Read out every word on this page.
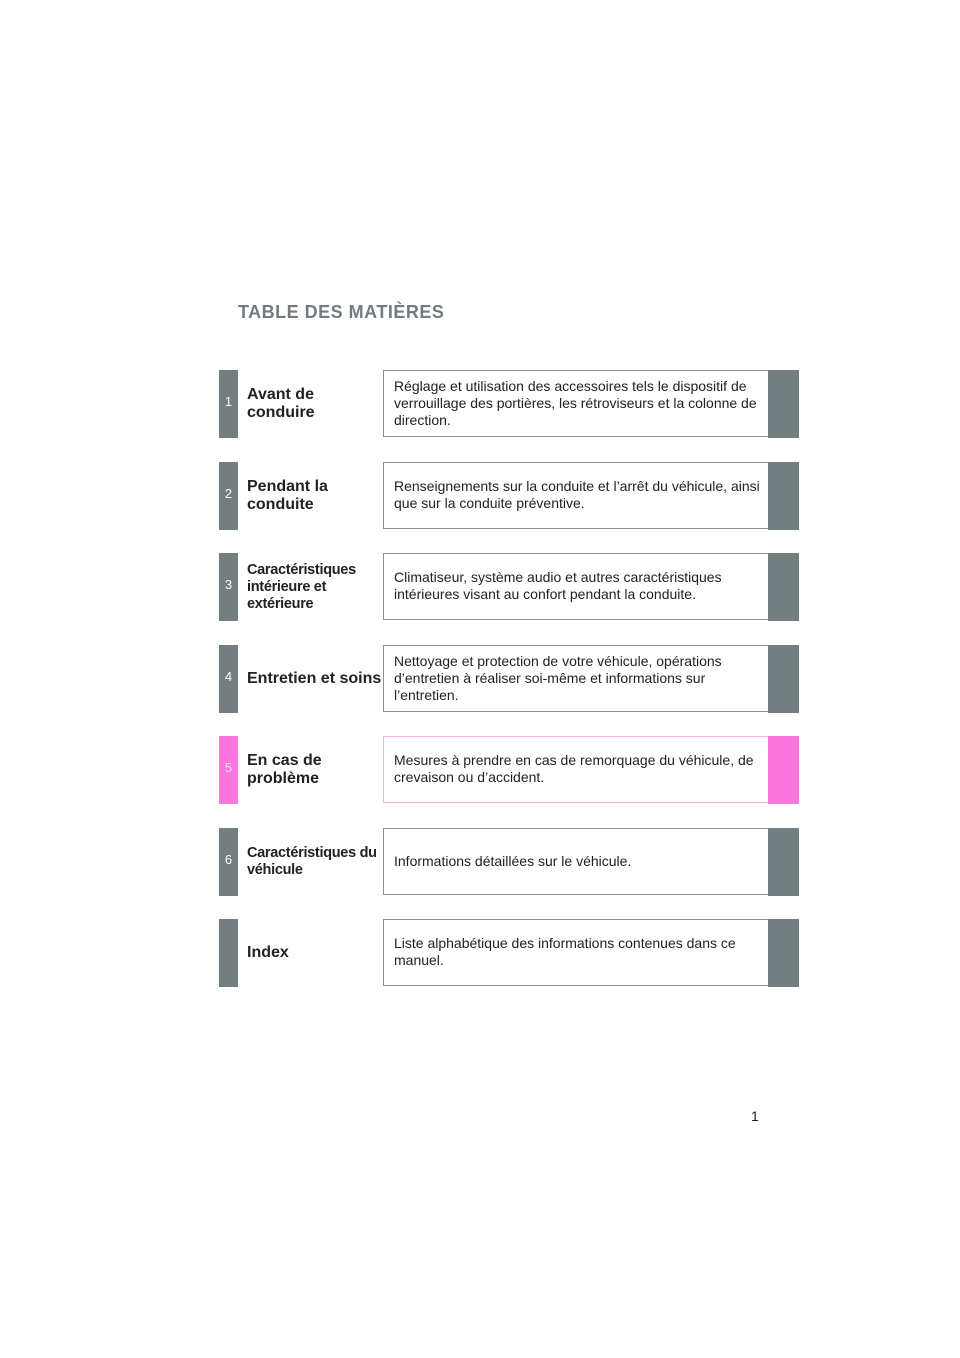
TABLE DES MATIÈRES
1 Avant de conduire
Réglage et utilisation des accessoires tels le dispositif de verrouillage des portières, les rétroviseurs et la colonne de direction.
2 Pendant la conduite
Renseignements sur la conduite et l’arrêt du véhicule, ainsi que sur la conduite préventive.
3
Caractéristiques intérieure et extérieure
Climatiseur, système audio et autres caractéristiques intérieures visant au confort pendant la conduite.
4 Entretien et soins
Nettoyage et protection de votre véhicule, opérations d’entretien à réaliser soi-même et informations sur l’entretien.
5 En cas de problème
Mesures à prendre en cas de remorquage du véhicule, de crevaison ou d’accident.
6	Caractéristiques du véhicule
Informations détaillées sur le véhicule.
Index
Liste alphabétique des informations contenues dans ce manuel.
1
